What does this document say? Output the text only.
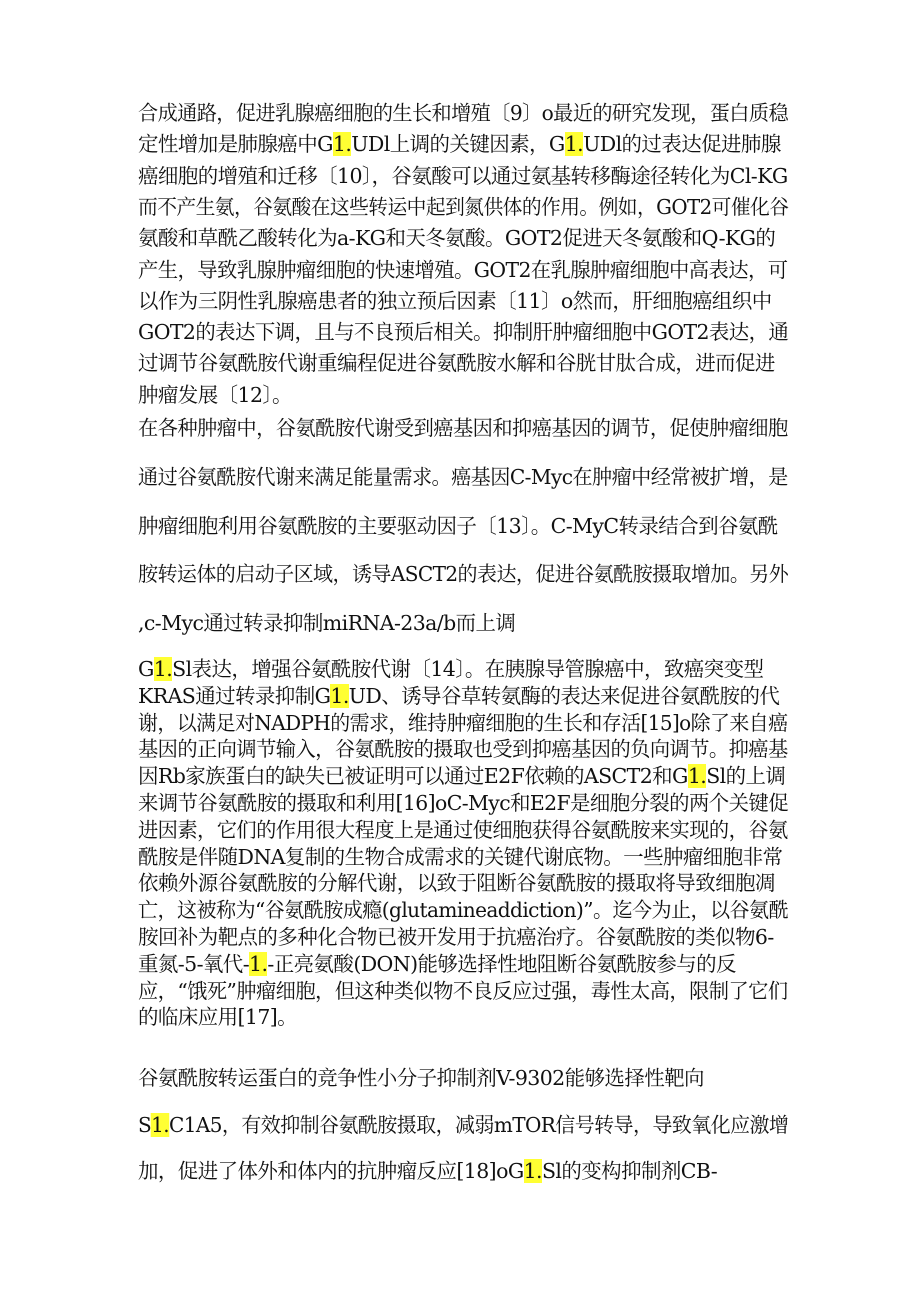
合成通路，促进乳腺癌细胞的生长和增殖〔9〕o最近的研究发现，蛋白质稳
定性增加是肺腺癌中G1.UDl上调的关键因素，G1.UDl的过表达促进肺腺
癌细胞的增殖和迁移〔10〕，谷氨酸可以通过氨基转移酶途径转化为Cl-KG
而不产生氨，谷氨酸在这些转运中起到氮供体的作用。例如，GOT2可催化谷
氨酸和草酰乙酸转化为a-KG和天冬氨酸。GOT2促进天冬氨酸和Q-KG的
产生，导致乳腺肿瘤细胞的快速增殖。GOT2在乳腺肿瘤细胞中高表达，可
以作为三阴性乳腺癌患者的独立预后因素〔11〕o然而，肝细胞癌组织中
GOT2的表达下调，且与不良预后相关。抑制肝肿瘤细胞中GOT2表达，通
过调节谷氨酰胺代谢重编程促进谷氨酰胺水解和谷胱甘肽合成，进而促进
肿瘤发展〔12〕。
在各种肿瘤中，谷氨酰胺代谢受到癌基因和抑癌基因的调节，促使肿瘤细胞
通过谷氨酰胺代谢来满足能量需求。癌基因C-Myc在肿瘤中经常被扩增，是
肿瘤细胞利用谷氨酰胺的主要驱动因子〔13〕。C-MyC转录结合到谷氨酰
胺转运体的启动子区域，诱导ASCT2的表达，促进谷氨酰胺摄取增加。另外
,c-Myc通过转录抑制miRNA-23a/b而上调
G1.Sl表达，增强谷氨酰胺代谢〔14〕。在胰腺导管腺癌中，致癌突变型
KRAS通过转录抑制G1.UD、诱导谷草转氨酶的表达来促进谷氨酰胺的代
谢，以满足对NADPH的需求，维持肿瘤细胞的生长和存活[15]o除了来自癌
基因的正向调节输入，谷氨酰胺的摄取也受到抑癌基因的负向调节。抑癌基
因Rb家族蛋白的缺失已被证明可以通过E2F依赖的ASCT2和G1.Sl的上调
来调节谷氨酰胺的摄取和利用[16]oC-Myc和E2F是细胞分裂的两个关键促
进因素，它们的作用很大程度上是通过使细胞获得谷氨酰胺来实现的，谷氨
酰胺是伴随DNA复制的生物合成需求的关键代谢底物。一些肿瘤细胞非常
依赖外源谷氨酰胺的分解代谢，以致于阻断谷氨酰胺的摄取将导致细胞凋
亡，这被称为“谷氨酰胺成瘾(glutamineaddiction)”。迄今为止，以谷氨酰
胺回补为靶点的多种化合物已被开发用于抗癌治疗。谷氨酰胺的类似物6-
重氮-5-氧代-1.-正亮氨酸(DON)能够选择性地阻断谷氨酰胺参与的反
应，“饿死”肿瘤细胞，但这种类似物不良反应过强，毒性太高，限制了它们
的临床应用[17]。
谷氨酰胺转运蛋白的竞争性小分子抑制剂V-9302能够选择性靶向
S1.C1A5，有效抑制谷氨酰胺摄取，减弱mTOR信号转导，导致氧化应激增
加，促进了体外和体内的抗肿瘤反应[18]oG1.Sl的变构抑制剂CB-
